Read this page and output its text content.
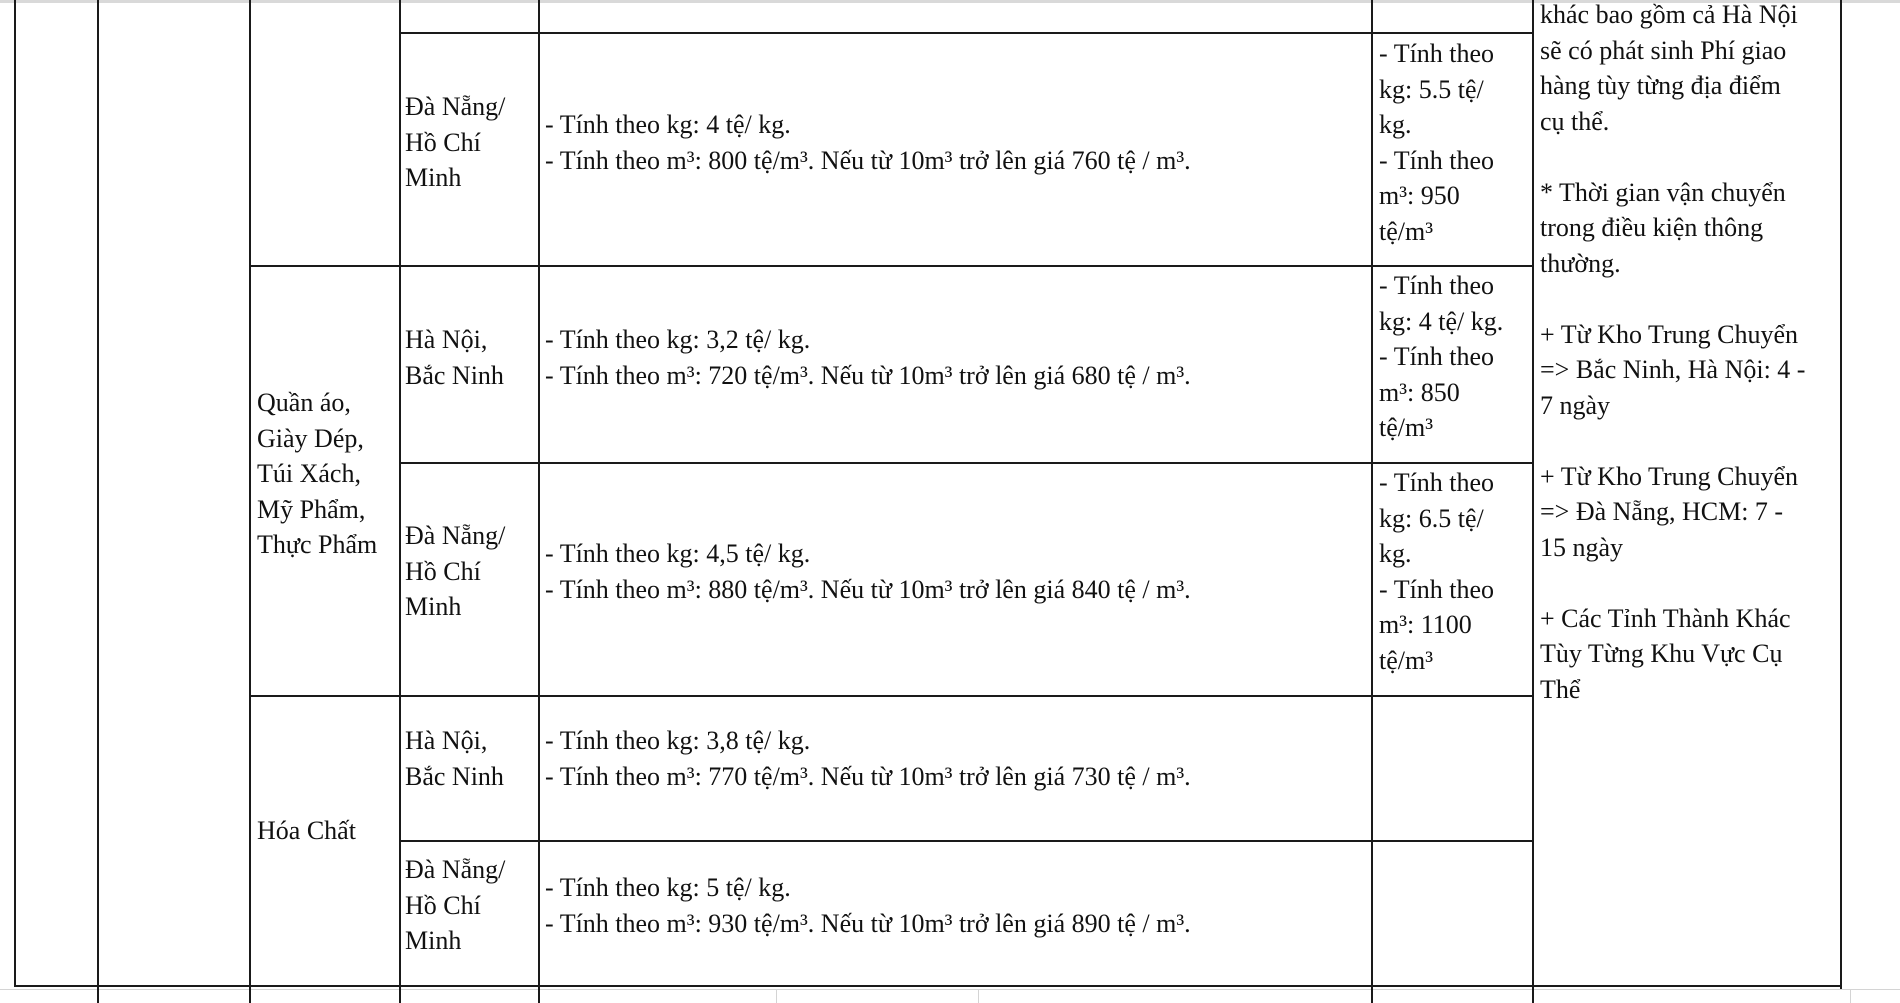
Đà Nẵng/
Hồ Chí
Minh
- Tính theo kg: 4 tệ/ kg.
- Tính theo m³: 800 tệ/m³. Nếu từ 10m³ trở lên giá 760 tệ / m³.
- Tính theo
kg: 5.5 tệ/
kg.
- Tính theo
m³: 950
tệ/m³
Quần áo,
Giày Dép,
Túi Xách,
Mỹ Phẩm,
Thực Phẩm
Hà Nội,
Bắc Ninh
- Tính theo kg: 3,2 tệ/ kg.
- Tính theo m³: 720 tệ/m³. Nếu từ 10m³ trở lên giá 680 tệ / m³.
- Tính theo
kg: 4 tệ/ kg.
- Tính theo
m³: 850
tệ/m³
Đà Nẵng/
Hồ Chí
Minh
- Tính theo kg: 4,5 tệ/ kg.
- Tính theo m³: 880 tệ/m³. Nếu từ 10m³ trở lên giá 840 tệ / m³.
- Tính theo
kg: 6.5 tệ/
kg.
- Tính theo
m³: 1100
tệ/m³
Hóa Chất
Hà Nội,
Bắc Ninh
- Tính theo kg: 3,8 tệ/ kg.
- Tính theo m³: 770 tệ/m³. Nếu từ 10m³ trở lên giá 730 tệ / m³.
Đà Nẵng/
Hồ Chí
Minh
- Tính theo kg: 5 tệ/ kg.
- Tính theo m³: 930 tệ/m³. Nếu từ 10m³ trở lên giá 890 tệ / m³.
khác bao gồm cả Hà Nội
sẽ có phát sinh Phí giao
hàng tùy từng địa điểm
cụ thể.

* Thời gian vận chuyển
trong điều kiện thông
thường.

+ Từ Kho Trung Chuyển
=> Bắc Ninh, Hà Nội: 4 -
7 ngày

+ Từ Kho Trung Chuyển
=> Đà Nẵng, HCM: 7 -
15 ngày

+ Các Tỉnh Thành Khác
Tùy Từng Khu Vực Cụ
Thể
